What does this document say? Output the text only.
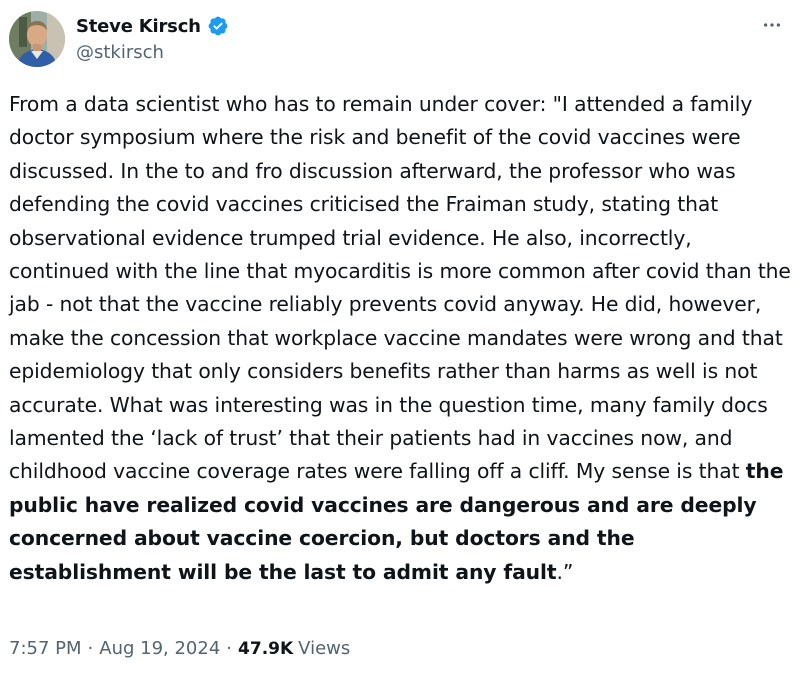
Steve Kirsch
@stkirsch
From a data scientist who has to remain under cover: "I attended a family doctor symposium where the risk and benefit of the covid vaccines were discussed. In the to and fro discussion afterward, the professor who was defending the covid vaccines criticised the Fraiman study, stating that observational evidence trumped trial evidence. He also, incorrectly, continued with the line that myocarditis is more common after covid than the jab - not that the vaccine reliably prevents covid anyway. He did, however, make the concession that workplace vaccine mandates were wrong and that epidemiology that only considers benefits rather than harms as well is not accurate. What was interesting was in the question time, many family docs lamented the ‘lack of trust’ that their patients had in vaccines now, and childhood vaccine coverage rates were falling off a cliff. My sense is that the public have realized covid vaccines are dangerous and are deeply concerned about vaccine coercion, but doctors and the establishment will be the last to admit any fault.”
7:57 PM · Aug 19, 2024 · 47.9K Views
